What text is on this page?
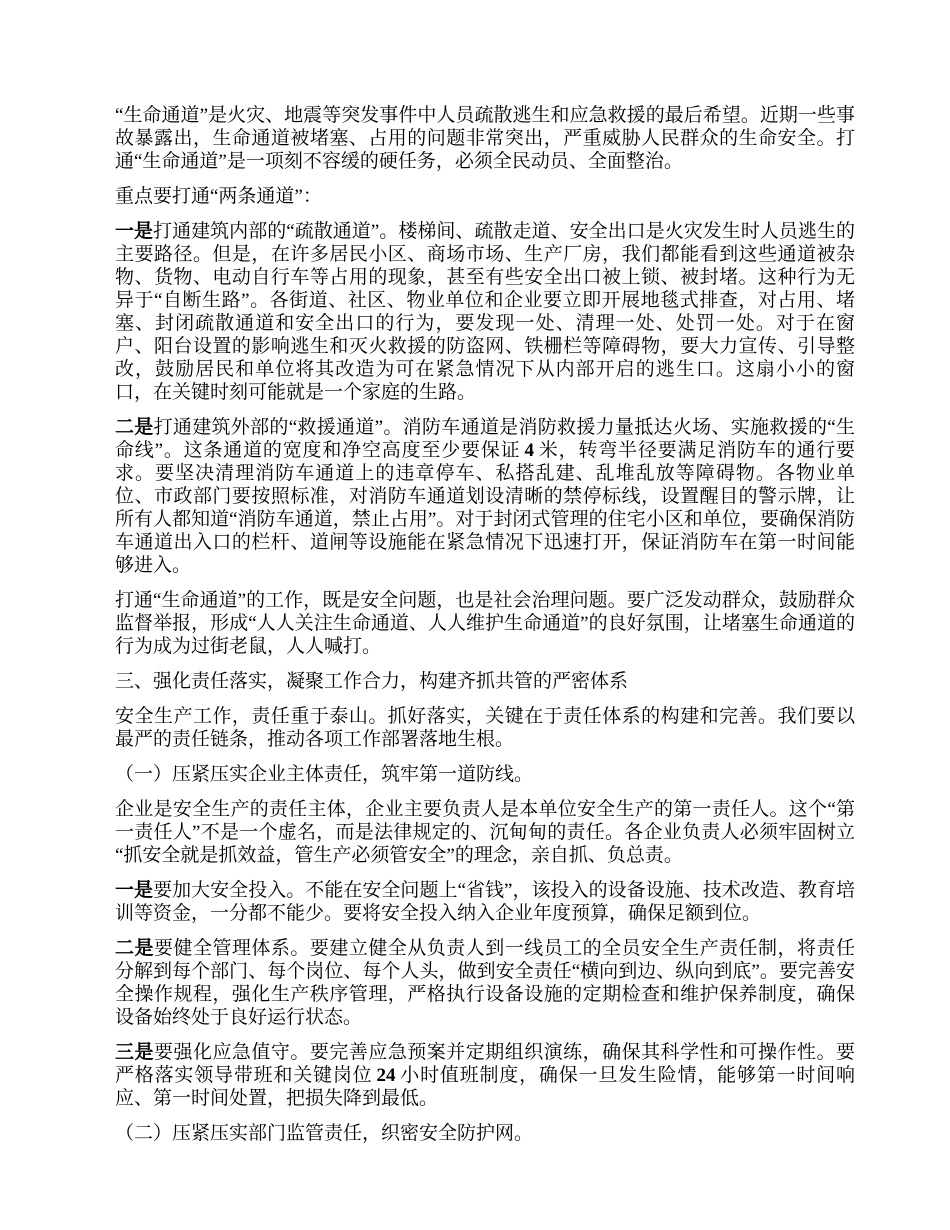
“生命通道”是火灾、地震等突发事件中人员疏散逃生和应急救援的最后希望。近期一些事故暴露出，生命通道被堵塞、占用的问题非常突出，严重威胁人民群众的生命安全。打通“生命通道”是一项刻不容缓的硬任务，必须全民动员、全面整治。

重点要打通“两条通道”：

一是打通建筑内部的“疏散通道”。楼梯间、疏散走道、安全出口是火灾发生时人员逃生的主要路径。但是，在许多居民小区、商场市场、生产厂房，我们都能看到这些通道被杂物、货物、电动自行车等占用的现象，甚至有些安全出口被上锁、被封堵。这种行为无异于“自断生路”。各街道、社区、物业单位和企业要立即开展地毯式排查，对占用、堵塞、封闭疏散通道和安全出口的行为，要发现一处、清理一处、处罚一处。对于在窗户、阳台设置的影响逃生和灭火救援的防盗网、铁栅栏等障碍物，要大力宣传、引导整改，鼓励居民和单位将其改造为可在紧急情况下从内部开启的逃生口。这扇小小的窗口，在关键时刻可能就是一个家庭的生路。

二是打通建筑外部的“救援通道”。消防车通道是消防救援力量抵达火场、实施救援的“生命线”。这条通道的宽度和净空高度至少要保证 4 米，转弯半径要满足消防车的通行要求。要坚决清理消防车通道上的违章停车、私搭乱建、乱堆乱放等障碍物。各物业单位、市政部门要按照标准，对消防车通道划设清晰的禁停标线，设置醒目的警示牌，让所有人都知道“消防车通道，禁止占用”。对于封闭式管理的住宅小区和单位，要确保消防车通道出入口的栏杆、道闸等设施能在紧急情况下迅速打开，保证消防车在第一时间能够进入。

打通“生命通道”的工作，既是安全问题，也是社会治理问题。要广泛发动群众，鼓励群众监督举报，形成“人人关注生命通道、人人维护生命通道”的良好氛围，让堵塞生命通道的行为成为过街老鼠，人人喊打。

三、强化责任落实，凝聚工作合力，构建齐抓共管的严密体系

安全生产工作，责任重于泰山。抓好落实，关键在于责任体系的构建和完善。我们要以最严的责任链条，推动各项工作部署落地生根。

（一）压紧压实企业主体责任，筑牢第一道防线。

企业是安全生产的责任主体，企业主要负责人是本单位安全生产的第一责任人。这个“第一责任人”不是一个虚名，而是法律规定的、沉甸甸的责任。各企业负责人必须牢固树立“抓安全就是抓效益，管生产必须管安全”的理念，亲自抓、负总责。

一是要加大安全投入。不能在安全问题上“省钱”，该投入的设备设施、技术改造、教育培训等资金，一分都不能少。要将安全投入纳入企业年度预算，确保足额到位。

二是要健全管理体系。要建立健全从负责人到一线员工的全员安全生产责任制，将责任分解到每个部门、每个岗位、每个人头，做到安全责任“横向到边、纵向到底”。要完善安全操作规程，强化生产秩序管理，严格执行设备设施的定期检查和维护保养制度，确保设备始终处于良好运行状态。

三是要强化应急值守。要完善应急预案并定期组织演练，确保其科学性和可操作性。要严格落实领导带班和关键岗位 24 小时值班制度，确保一旦发生险情，能够第一时间响应、第一时间处置，把损失降到最低。

（二）压紧压实部门监管责任，织密安全防护网。
